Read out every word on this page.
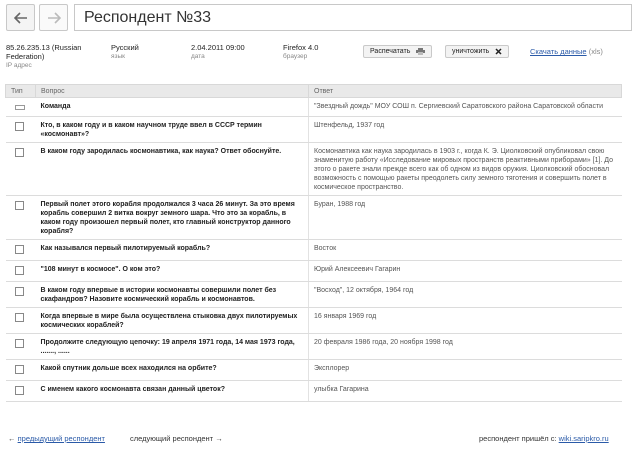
Респондент №33
85.26.235.13 (Russian Federation)
IP адрес
Русский
язык
2.04.2011 09:00
дата
Firefox 4.0
браузер
Распечатать	уничтожить	Скачать данные (xls)
Тип	Вопрос	Ответ
	Команда	"Звездный дождь" МОУ СОШ п. Сергиевский Саратовского района Саратовской области
	Кто, в каком году и в каком научном труде ввел в СССР термин «космонавт»?	Штенфельд, 1937 год
	В каком году зародилась космонавтика, как наука? Ответ обоснуйте.	Космонавтика как наука зародилась в 1903 г., когда К. Э. Циолковский опубликовал свою знаменитую работу «Исследование мировых пространств реактивными приборами» [1]. До этого о ракете знали прежде всего как об одном из видов оружия. Циолковский обосновал возможность с помощью ракеты преодолеть силу земного тяготения и совершить полет в космическое пространство.
	Первый полет этого корабля продолжался 3 часа 26 минут. За это время корабль совершил 2 витка вокруг земного шара. Что это за корабль, в каком году произошел первый полет, кто главный конструктор данного корабля?	Буран, 1988 год
	Как назывался первый пилотируемый корабль?	Восток
	"108 минут в космосе". О ком это?	Юрий Алексеевич Гагарин
	В каком году впервые в истории космонавты совершили полет без скафандров? Назовите космический корабль и космонавтов.	"Восход", 12 октября, 1964 год
	Когда впервые в мире была осуществлена стыковка двух пилотируемых космических кораблей?	16 января 1969 год
	Продолжите следующую цепочку: 19 апреля 1971 года, 14 мая 1973 года, ......., ......	20 февраля 1986 года, 20 ноября 1998 год
	Какой спутник дольше всех находился на орбите?	Эксплорер
	С именем какого космонавта связан данный цветок?	улыбка Гагарина
← предыдущий респондент	следующий респондент →	респондент пришёл с: wiki.saripkro.ru
